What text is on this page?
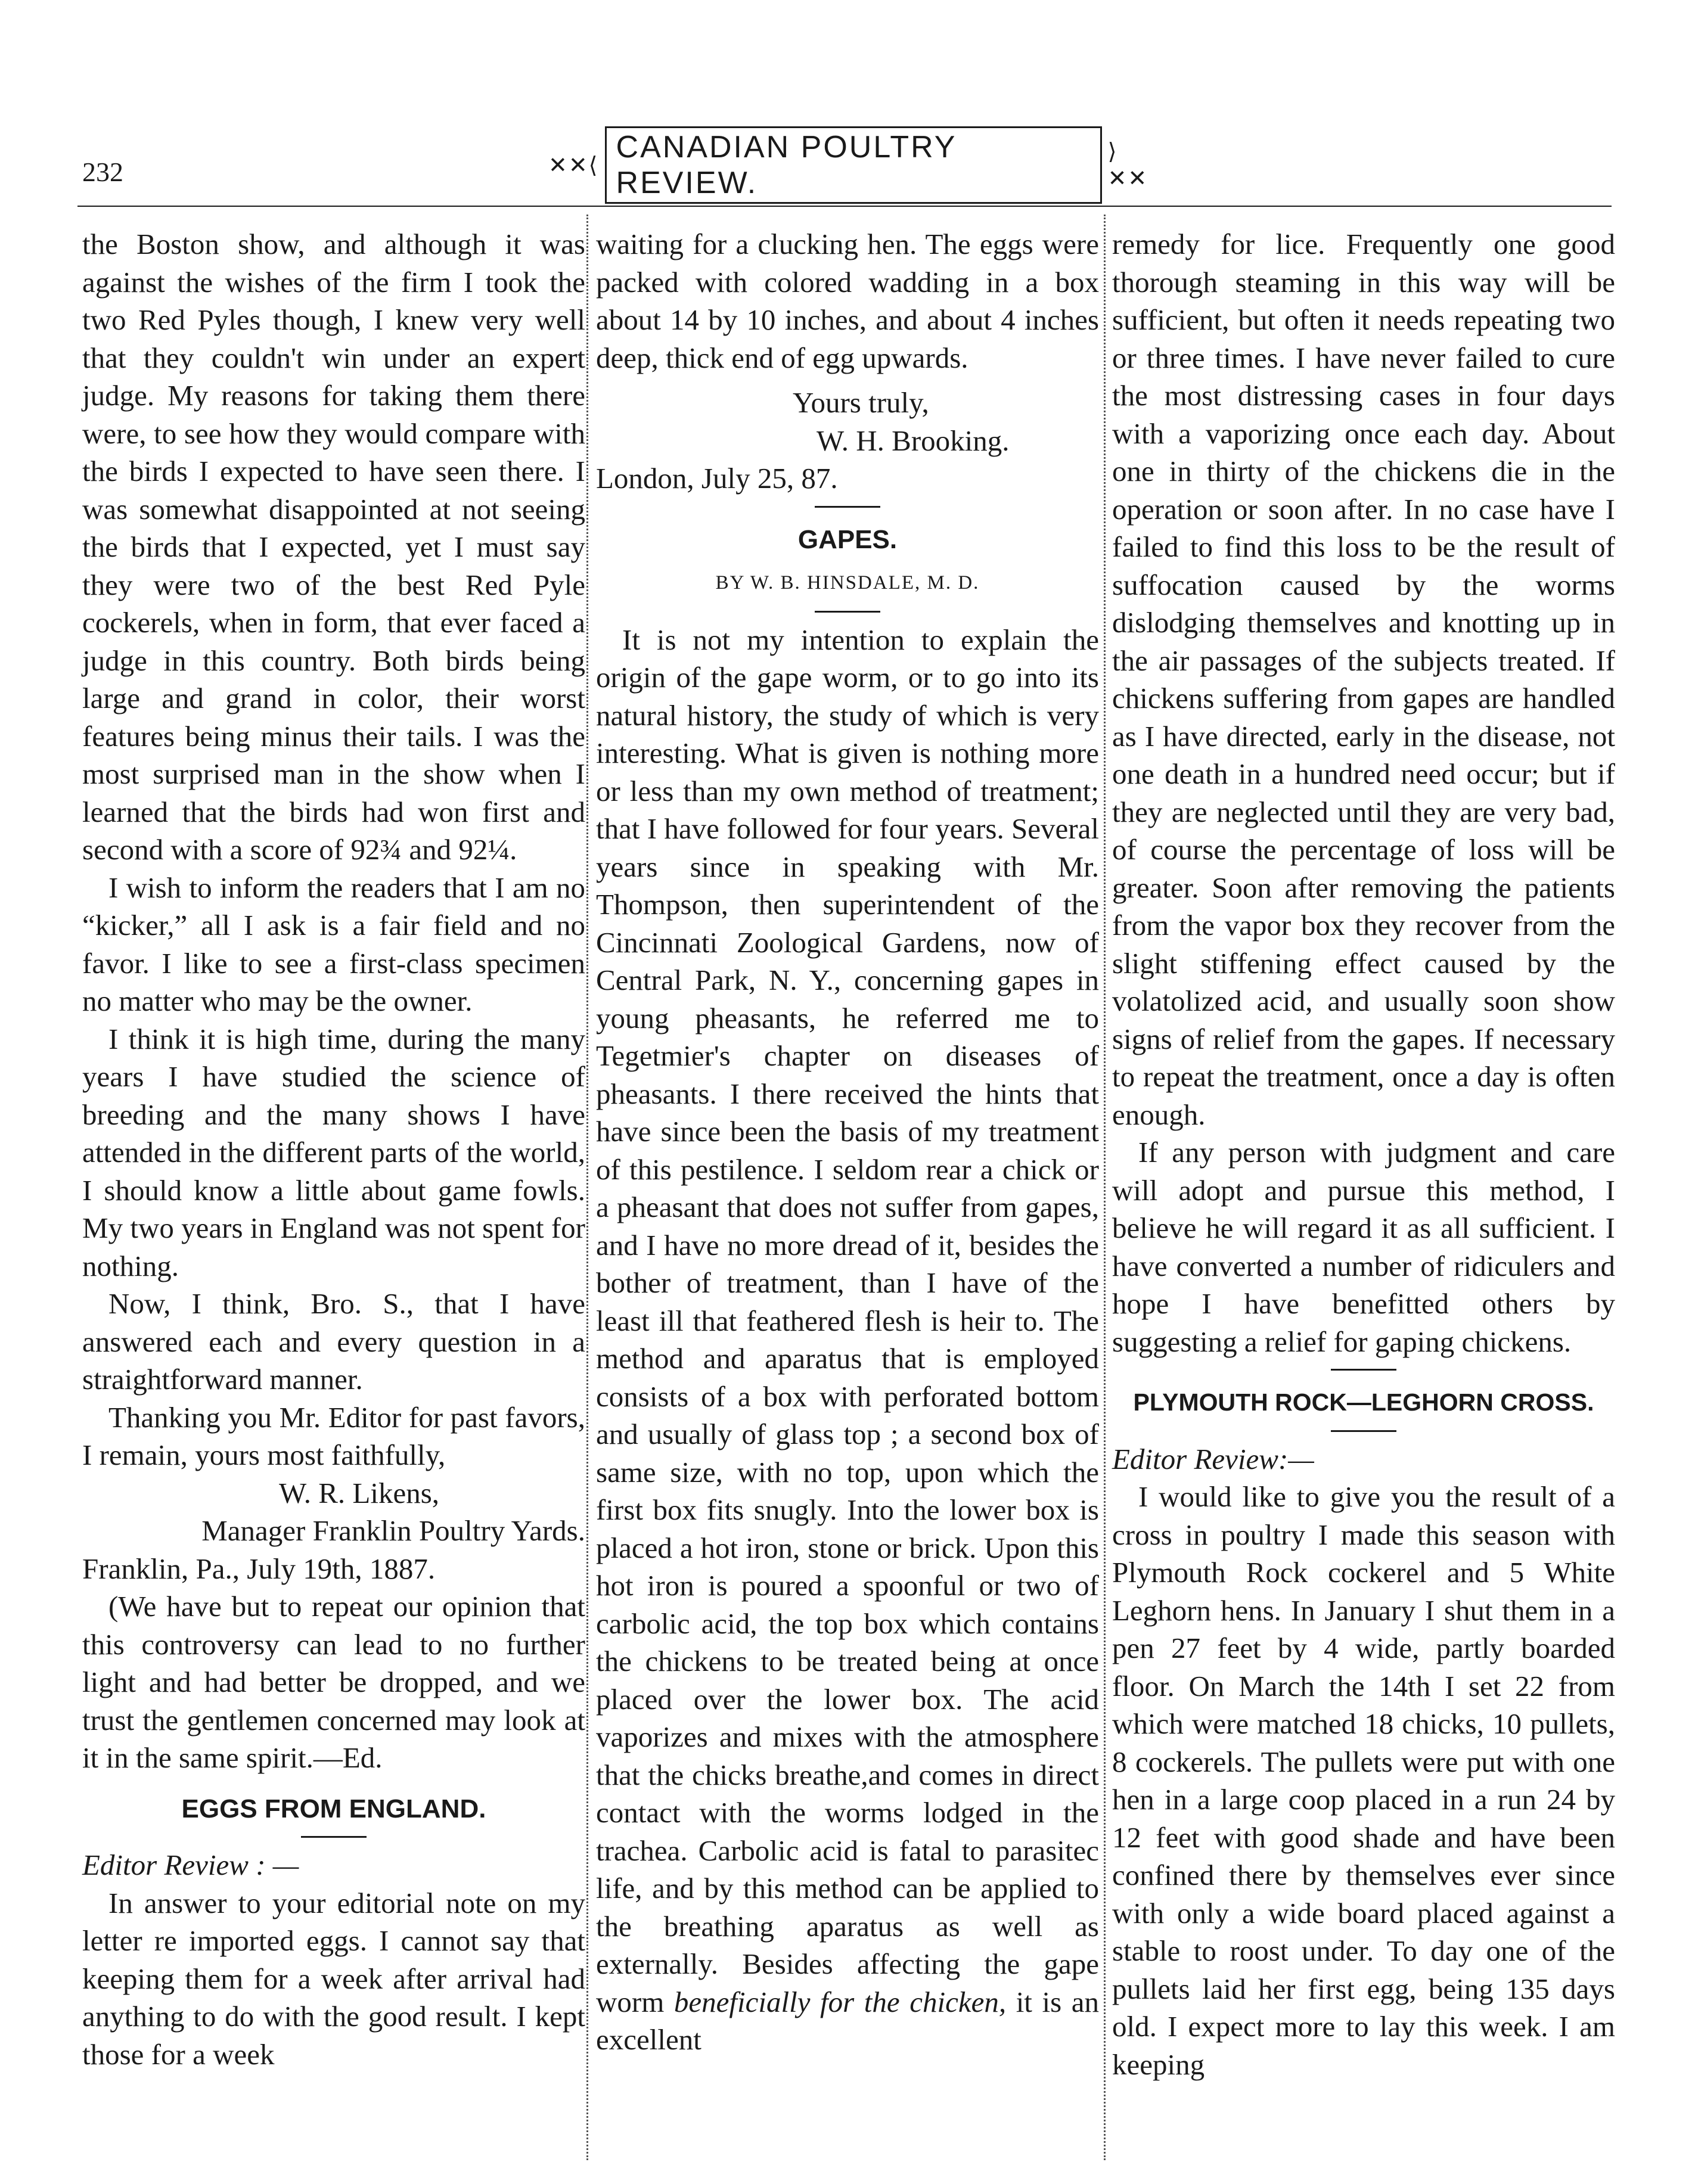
232	✕✕⟨
CANADIAN POULTRY REVIEW.
⟩✕✕

the Boston show, and although it was against the wishes of the firm I took the two Red Pyles though, I knew very well that they couldn't win under an expert judge. My reasons for taking them there were, to see how they would compare with the birds I expected to have seen there. I was somewhat disappointed at not seeing the birds that I expected, yet I must say they were two of the best Red Pyle cockerels, when in form, that ever faced a judge in this country. Both birds being large and grand in color, their worst features being minus their tails. I was the most surprised man in the show when I learned that the birds had won first and second with a score of 92¾ and 92¼.

I wish to inform the readers that I am no “kicker,” all I ask is a fair field and no favor. I like to see a first-class specimen no matter who may be the owner.

I think it is high time, during the many years I have studied the science of breeding and the many shows I have attended in the different parts of the world, I should know a little about game fowls. My two years in England was not spent for nothing.

Now, I think, Bro. S., that I have answered each and every question in a straightforward manner.

Thanking you Mr. Editor for past favors, I remain, yours most faithfully,

W. R. Likens,

Manager Franklin Poultry Yards.

Franklin, Pa., July 19th, 1887.

(We have but to repeat our opinion that this controversy can lead to no further light and had better be dropped, and we trust the gentlemen concerned may look at it in the same spirit.—Ed.

EGGS FROM ENGLAND.

Editor Review : —

In answer to your editorial note on my letter re imported eggs. I cannot say that keeping them for a week after arrival had anything to do with the good result. I kept those for a week

waiting for a clucking hen. The eggs were packed with colored wadding in a box about 14 by 10 inches, and about 4 inches deep, thick end of egg upwards.

Yours truly,

W. H. Brooking.

London, July 25, 87.

GAPES.
BY W. B. HINSDALE, M. D.

It is not my intention to explain the origin of the gape worm, or to go into its natural history, the study of which is very interesting. What is given is nothing more or less than my own method of treatment; that I have followed for four years. Several years since in speaking with Mr. Thompson, then superintendent of the Cincinnati Zoological Gardens, now of Central Park, N. Y., concerning gapes in young pheasants, he referred me to Tegetmier's chapter on diseases of pheasants. I there received the hints that have since been the basis of my treatment of this pestilence. I seldom rear a chick or a pheasant that does not suffer from gapes, and I have no more dread of it, besides the bother of treatment, than I have of the least ill that feathered flesh is heir to. The method and aparatus that is employed consists of a box with perforated bottom and usually of glass top ; a second box of same size, with no top, upon which the first box fits snugly. Into the lower box is placed a hot iron, stone or brick. Upon this hot iron is poured a spoonful or two of carbolic acid, the top box which contains the chickens to be treated being at once placed over the lower box. The acid vaporizes and mixes with the atmosphere that the chicks breathe,and comes in direct contact with the worms lodged in the trachea. Carbolic acid is fatal to parasitec life, and by this method can be applied to the breathing aparatus as well as externally. Besides affecting the gape worm beneficially for the chicken, it is an excellent

remedy for lice. Frequently one good thorough steaming in this way will be sufficient, but often it needs repeating two or three times. I have never failed to cure the most distressing cases in four days with a vaporizing once each day. About one in thirty of the chickens die in the operation or soon after. In no case have I failed to find this loss to be the result of suffocation caused by the worms dislodging themselves and knotting up in the air passages of the subjects treated. If chickens suffering from gapes are handled as I have directed, early in the disease, not one death in a hundred need occur; but if they are neglected until they are very bad, of course the percentage of loss will be greater. Soon after removing the patients from the vapor box they recover from the slight stiffening effect caused by the volatolized acid, and usually soon show signs of relief from the gapes. If necessary to repeat the treatment, once a day is often enough.

If any person with judgment and care will adopt and pursue this method, I believe he will regard it as all sufficient. I have converted a number of ridiculers and hope I have benefitted others by suggesting a relief for gaping chickens.

PLYMOUTH ROCK—LEGHORN CROSS.

Editor Review:—

I would like to give you the result of a cross in poultry I made this season with Plymouth Rock cockerel and 5 White Leghorn hens. In January I shut them in a pen 27 feet by 4 wide, partly boarded floor. On March the 14th I set 22 from which were matched 18 chicks, 10 pullets, 8 cockerels. The pullets were put with one hen in a large coop placed in a run 24 by 12 feet with good shade and have been confined there by themselves ever since with only a wide board placed against a stable to roost under. To day one of the pullets laid her first egg, being 135 days old. I expect more to lay this week. I am keeping
